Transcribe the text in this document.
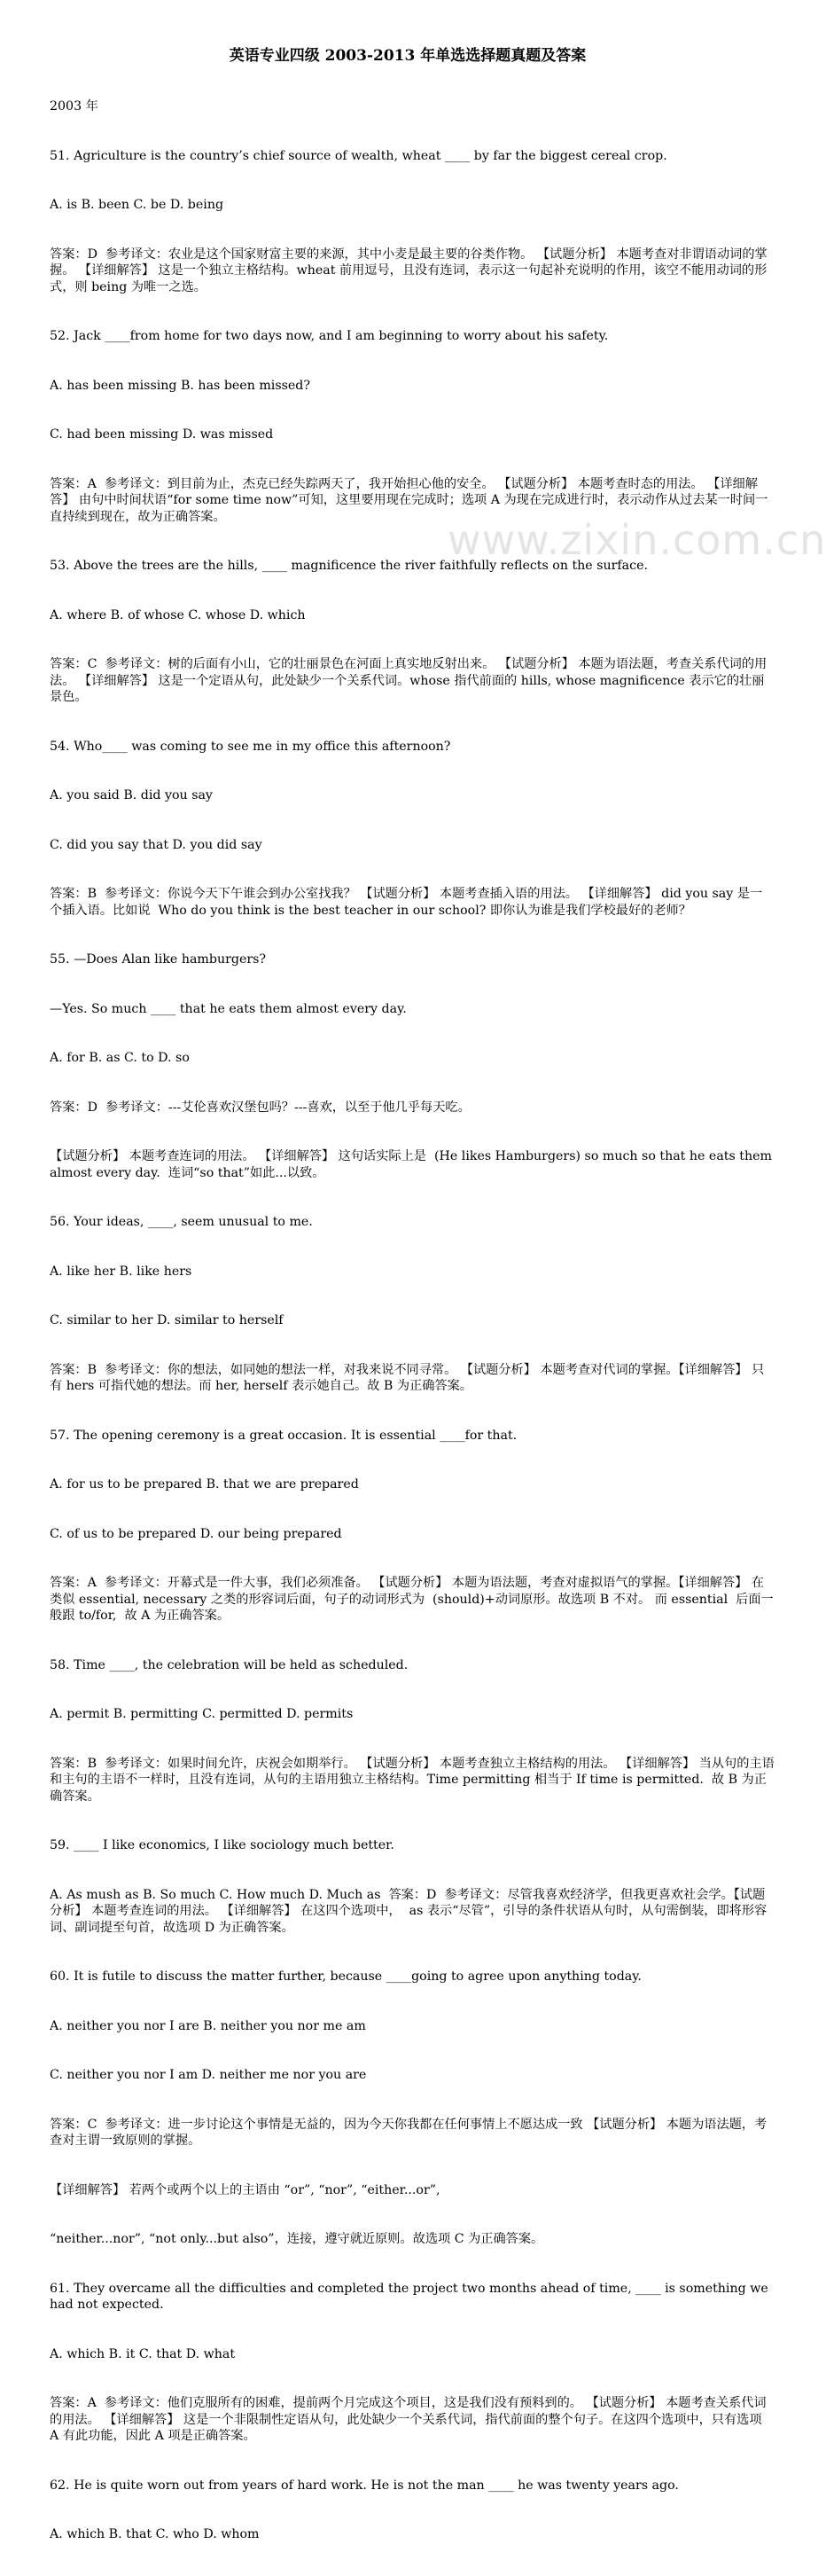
英语专业四级 2003-2013 年单选选择题真题及答案
www.zixin.com.cn

2003 年

51. Agriculture is the country’s chief source of wealth, wheat ____ by far the biggest cereal crop.

A. is B. been C. be D. being

答案：D  参考译文：农业是这个国家财富主要的来源，其中小麦是最主要的谷类作物。 【试题分析】 本题考查对非谓语动词的掌握。 【详细解答】 这是一个独立主格结构。wheat 前用逗号，且没有连词，表示这一句起补充说明的作用，该空不能用动词的形式，则 being 为唯一之选。

52. Jack ____from home for two days now, and I am beginning to worry about his safety.

A. has been missing B. has been missed?

C. had been missing D. was missed

答案：A  参考译文：到目前为止，杰克已经失踪两天了，我开始担心他的安全。 【试题分析】 本题考查时态的用法。 【详细解答】 由句中时间状语“for some time now”可知，这里要用现在完成时；选项 A 为现在完成进行时，表示动作从过去某一时间一直持续到现在，故为正确答案。

53. Above the trees are the hills, ____ magnificence the river faithfully reflects on the surface.

A. where B. of whose C. whose D. which

答案：C  参考译文：树的后面有小山，它的壮丽景色在河面上真实地反射出来。 【试题分析】 本题为语法题，考查关系代词的用法。 【详细解答】 这是一个定语从句，此处缺少一个关系代词。whose 指代前面的 hills, whose magnificence 表示它的壮丽景色。

54. Who____ was coming to see me in my office this afternoon?

A. you said B. did you say

C. did you say that D. you did say

答案：B  参考译文：你说今天下午谁会到办公室找我？ 【试题分析】 本题考查插入语的用法。 【详细解答】 did you say 是一个插入语。比如说  Who do you think is the best teacher in our school? 即你认为谁是我们学校最好的老师？

55. —Does Alan like hamburgers?

—Yes. So much ____ that he eats them almost every day.

A. for B. as C. to D. so

答案：D  参考译文：---艾伦喜欢汉堡包吗？---喜欢，以至于他几乎每天吃。

【试题分析】 本题考查连词的用法。 【详细解答】 这句话实际上是  (He likes Hamburgers) so much so that he eats them almost every day.  连词“so that”如此...以致。

56. Your ideas, ____, seem unusual to me.

A. like her B. like hers

C. similar to her D. similar to herself

答案：B  参考译文：你的想法，如同她的想法一样，对我来说不同寻常。 【试题分析】 本题考查对代词的掌握。【详细解答】 只有 hers 可指代她的想法。而 her, herself 表示她自己。故 B 为正确答案。

57. The opening ceremony is a great occasion. It is essential ____for that.

A. for us to be prepared B. that we are prepared

C. of us to be prepared D. our being prepared

答案：A  参考译文：开幕式是一件大事，我们必须准备。 【试题分析】 本题为语法题，考查对虚拟语气的掌握。【详细解答】 在类似 essential, necessary 之类的形容词后面，句子的动词形式为  (should)+动词原形。故选项 B 不对。 而 essential  后面一般跟 to/for,  故 A 为正确答案。

58. Time ____, the celebration will be held as scheduled.

A. permit B. permitting C. permitted D. permits

答案：B  参考译文：如果时间允许，庆祝会如期举行。 【试题分析】 本题考查独立主格结构的用法。 【详细解答】 当从句的主语和主句的主语不一样时，且没有连词，从句的主语用独立主格结构。Time permitting 相当于 If time is permitted.  故 B 为正确答案。

59. ____ I like economics, I like sociology much better.

A. As mush as B. So much C. How much D. Much as  答案：D  参考译文：尽管我喜欢经济学，但我更喜欢社会学。【试题分析】 本题考查连词的用法。 【详细解答】 在这四个选项中，  as 表示“尽管”，引导的条件状语从句时，从句需倒装，即将形容词、副词提至句首，故选项 D 为正确答案。

60. It is futile to discuss the matter further, because ____going to agree upon anything today.

A. neither you nor I are B. neither you nor me am

C. neither you nor I am D. neither me nor you are

答案：C  参考译文：进一步讨论这个事情是无益的，因为今天你我都在任何事情上不愿达成一致 【试题分析】 本题为语法题，考查对主谓一致原则的掌握。

【详细解答】 若两个或两个以上的主语由 “or”, “nor”, “either...or”,

“neither...nor”, “not only...but also”，连接，遵守就近原则。故选项 C 为正确答案。

61. They overcame all the difficulties and completed the project two months ahead of time, ____ is something we had not expected.

A. which B. it C. that D. what

答案：A  参考译文：他们克服所有的困难，提前两个月完成这个项目，这是我们没有预料到的。 【试题分析】 本题考查关系代词的用法。 【详细解答】 这是一个非限制性定语从句，此处缺少一个关系代词，指代前面的整个句子。在这四个选项中，只有选项 A 有此功能，因此 A 项是正确答案。

62. He is quite worn out from years of hard work. He is not the man ____ he was twenty years ago.

A. which B. that C. who D. whom
